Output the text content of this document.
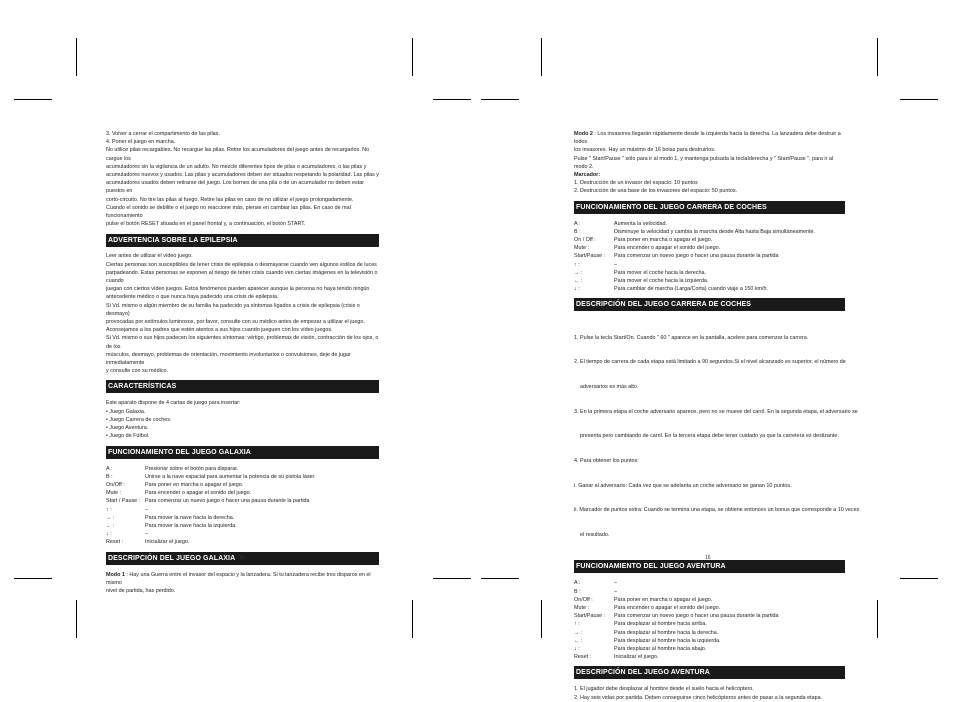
3. Volver a cerrar el compartimento de las pilas.
4. Poner el juego en marcha.
No utilice pilas recargables. No recargue las pilas. Retire los acumuladores del juego antes de recargarlos. No cargue los
acumuladores sin la vigilancia de un adulto. No mezcle diferentes tipos de pilas o acumuladores, o las pilas y
acumuladores nuevos y usados. Las pilas y acumuladores deben ser situados respetando la polaridad. Las pilas y
acumuladores usados deben retirarse del juego. Los bornes de una pila o de un acumulador no deben estar puestos en
corto-circuito. No tire las pilas al fuego. Retire las pilas en caso de no utilizar el juego prolongadamente.
Cuando el sonido se debilite o el juego no reaccione más, piense en cambiar las pilas. En caso de mal funcionamiento
pulse el botón RESET situada en el panel frontal y, a continuación, el botón START.
ADVERTENCIA SOBRE LA EPILEPSIA
Leer antes de utilizar el vídeo juego.
Ciertas personas son susceptibles de tener crisis de epilepsia o desmayarse cuando ven algunos estilos de luces
parpadeando. Estas personas se exponen al riesgo de tener crisis cuando ven ciertas imágenes en la televisión o cuando
juegan con ciertos vídeo juegos. Estos fenómenos pueden aparecer aunque la persona no haya tenido ningún
antecedente médico o que nunca haya padecido una crisis de epilepsia.
Si Vd. mismo o algún miembro de su familia ha padecido ya síntomas ligados a crisis de epilepsia (crisis o desmayo)
provocadas por estímulos luminosos, por favor, consulte con su médico antes de empezar a utilizar el juego.
Aconsejamos a los padres que estén atentos a sus hijos cuando jueguen con los vídeo juegos.
Si Vd. mismo o sus hijos padecen los siguientes síntomas: vértigo, problemas de visión, contracción de los ojos, o de los
músculos, desmayo, problemas de orientación, movimiento involuntarios o convulsiones, deje de jugar inmediatamente
y consulte con su médico.
CARACTERÍSTICAS
Este aparato dispone de 4 cartas de juego para insertar:
• Juego Galaxia.
• Juego Carrera de coches.
• Juego Aventura.
• Juego de Fútbol.
FUNCIONAMIENTO DEL JUEGO GALAXIA
A :	Presionar sobre el botón para disparar.
B :	Unirse a la nave espacial para aumentar la potencia de su pistola láser.
On/Off :	Para poner en marcha o apagar el juego.
Mute :	Para encender o apagar el sonido del juego.
Start / Pause : Para comenzar un nuevo juego o hacer una pausa durante la partida
↑ :	–
→ :	Para mover la nave hacia la derecha.
← :	Para mover la nave hacia la izquierda.
↓ :	–
Reset :	Inicializar el juego.
DESCRIPCIÓN DEL JUEGO GALAXIA
Modo 1 : Hay una Guerra entre el invasor del espacio y la lanzadera. Si tu lanzadera recibe tres disparos en el mismo
nivel de partida, has perdido.
15
Modo 2 : Los invasores llegarán rápidamente desde la izquierda hacia la derecha. La lanzadera debe destruir a todos
los invasores. Hay un máximo de 16 bolas para destruirlos.
Pulse " Start/Pause " sólo para ir al modo 1, y mantenga pulsada la teclaIderecha y " Start/Pause ", para ir al
modo 2.
Marcador:
1. Destrucción de un invasor del espacio: 10 puntos
2. Destrucción de una base de los invasores del espacio: 50 puntos.
FUNCIONAMIENTO DEL JUEGO CARRERA DE COCHES
A :	Aumenta la velocidad.
B :	Disminuye la velocidad y cambia la marcha desde Alta hasta Baja simultáneamente.
On / Off :	Para poner en marcha o apagar el juego.
Mute :	Para encender o apagar el sonido del juego.
Start/Pause :	Para comenzar un nuevo juego o hacer una pausa durante la partida
↑ :	–
→ :	Para mover el coche hacia la derecha.
← :	Para mover el coche hacia la izquierda.
↓ :	Para cambiar de marcha (Larga/Corta) cuando viaje a 150 km/h.
DESCRIPCIÓN DEL JUEGO CARRERA DE COCHES

1. Pulse la tecla Start/On. Cuando " 60 " aparece en la pantalla, acelere para comenzar la carrera.

2. El tiempo de carrera de cada etapa está limitado a 90 segundos.Si el nivel alcanzado es superior, el número de

adversarios es más alto.

3. En la primera etapa el coche adversario aparece, pero no se mueve del carril. En la segunda etapa, el adversario se

presenta pero cambiando de carril. En la tercera etapa debe tener cuidado ya que la carretera es deslizante.

4. Para obtener los puntos:

i. Ganar al adversario: Cada vez que se adelanta un coche adversario se ganan 10 puntos.

ii. Marcador de puntos extra: Cuando se termina una etapa, se obtiene entonces un bonus que corresponde a 10 veces

el resultado.

FUNCIONAMIENTO DEL JUEGO AVENTURA
A :	–
B :	–
On/Off :	Para poner en marcha o apagar el juego.
Mute :	Para encender o apagar el sonido del juego.
Start/Pause :	Para comenzar un nuevo juego o hacer una pausa durante la partida
↑ :	Para desplazar al hombre hacia arriba.
→ :	Para desplazar al hombre hacia la derecha.
← :	Para desplazar al hombre hacia la izquierda.
↓ :	Para desplazar al hombre hacia abajo.
Reset :	Inicializar el juego.
DESCRIPCIÓN DEL JUEGO AVENTURA
1. El jugador debe desplazar al hombre desde el suelo hacia el helicóptero.
2. Hay seis vidas por partida. Deben conseguirse cinco helicópteros antes de pasar a la segunda etapa.
16
